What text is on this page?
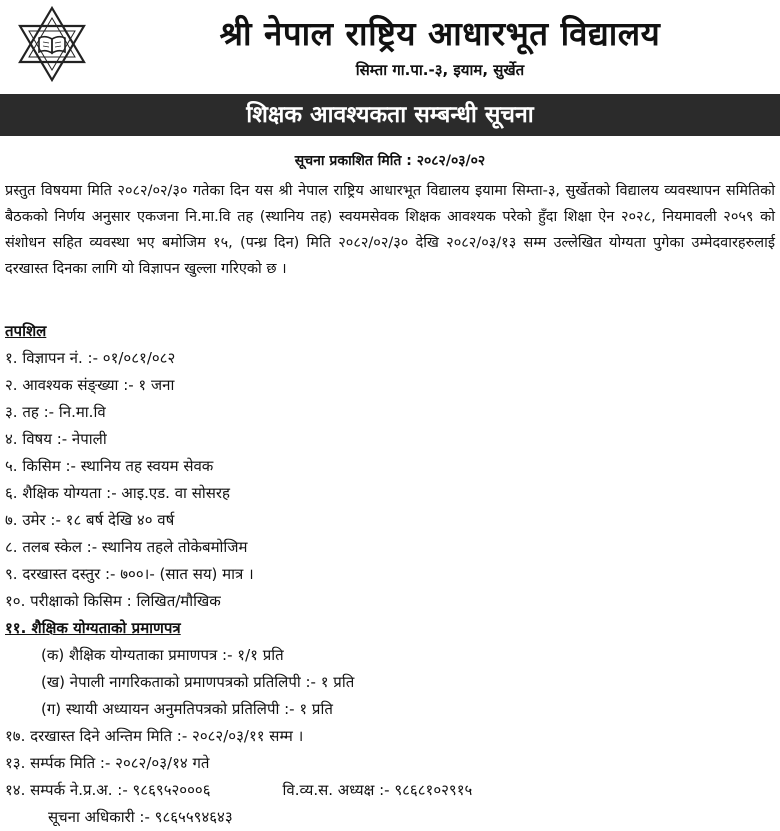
श्री नेपाल राष्ट्रिय आधारभूत विद्यालय
सिम्ता गा.पा.-३, इयाम, सुर्खेत
शिक्षक आवश्यकता सम्बन्धी सूचना
सूचना प्रकाशित मिति : २०८२/०३/०२
प्रस्तुत विषयमा मिति २०८२/०२/३० गतेका दिन यस श्री नेपाल राष्ट्रिय आधारभूत विद्यालय इयामा सिम्ता-३, सुर्खेतको विद्यालय व्यवस्थापन समितिको बैठकको निर्णय अनुसार एकजना नि.मा.वि तह (स्थानिय तह) स्वयमसेवक शिक्षक आवश्यक परेको हुँदा शिक्षा ऐन २०२८, नियमावली २०५९ को संशोधन सहित व्यवस्था भए बमोजिम १५, (पन्ध्र दिन) मिति २०८२/०२/३० देखि २०८२/०३/१३ सम्म उल्लेखित योग्यता पुगेका उम्मेदवारहरुलाई दरखास्त दिनका लागि यो विज्ञापन खुल्ला गरिएको छ ।
तपशिल
१. विज्ञापन नं. :- ०१/०८१/०८२
२. आवश्यक संङ्ख्या :- १ जना
३. तह :- नि.मा.वि
४. विषय :- नेपाली
५. किसिम :- स्थानिय तह स्वयम सेवक
६. शैक्षिक योग्यता :- आइ.एड. वा सोसरह
७. उमेर :- १८ बर्ष देखि ४० वर्ष
८. तलब स्केल :- स्थानिय तहले तोकेबमोजिम
९. दरखास्त दस्तुर :- ७००।- (सात सय) मात्र ।
१०. परीक्षाको किसिम : लिखित/मौखिक
११. शैक्षिक योग्यताको प्रमाणपत्र
(क) शैक्षिक योग्यताका प्रमाणपत्र :- १/१ प्रति
(ख) नेपाली नागरिकताको प्रमाणपत्रको प्रतिलिपी :- १ प्रति
(ग) स्थायी अध्यायन अनुमतिपत्रको प्रतिलिपी :- १ प्रति
१७. दरखास्त दिने अन्तिम मिति :- २०८२/०३/११ सम्म ।
१३. सर्म्पक मिति :- २०८२/०३/१४ गते
१४. सम्पर्क ने.प्र.अ. :- ९८६९५२०००६	वि.व्य.स. अध्यक्ष :- ९८६८१०२९१५
सूचना अधिकारी :- ९८६५५९४६४३
